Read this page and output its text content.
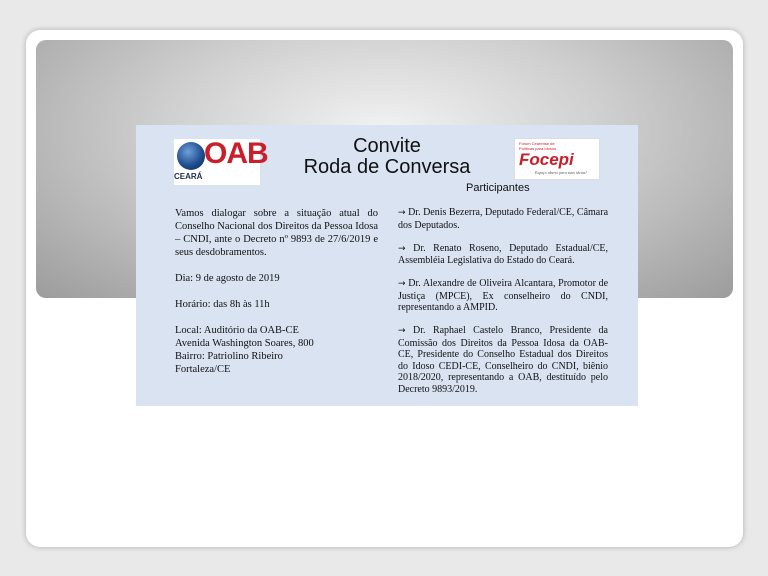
OAB
CEARÁ
Convite
Roda de Conversa
Fórum Cearense de Políticas para Idosos
Focepi
Espaço aberto para suas ideias!
Participantes

Vamos dialogar sobre a situação atual do Conselho Nacional dos Direitos da Pessoa Idosa – CNDI, ante o Decreto nº 9893 de 27/6/2019 e seus desdobramentos.

Dia: 9 de agosto de 2019

Horário: das 8h às 11h

Local: Auditório da OAB-CE

Avenida Washington Soares, 800

Bairro: Patriolino Ribeiro

Fortaleza/CE

→ Dr. Denis Bezerra, Deputado Federal/CE, Câmara dos Deputados.

→ Dr. Renato Roseno, Deputado Estadual/CE, Assembléia Legislativa do Estado do Ceará.

→ Dr. Alexandre de Oliveira Alcantara, Promotor de Justiça (MPCE), Ex conselheiro do CNDI, representando a AMPID.

→ Dr. Raphael Castelo Branco, Presidente da Comissão dos Direitos da Pessoa Idosa da OAB-CE, Presidente do Conselho Estadual dos Direitos do Idoso CEDI-CE, Conselheiro do CNDI, biênio 2018/2020, representando a OAB, destituído pelo Decreto 9893/2019.
